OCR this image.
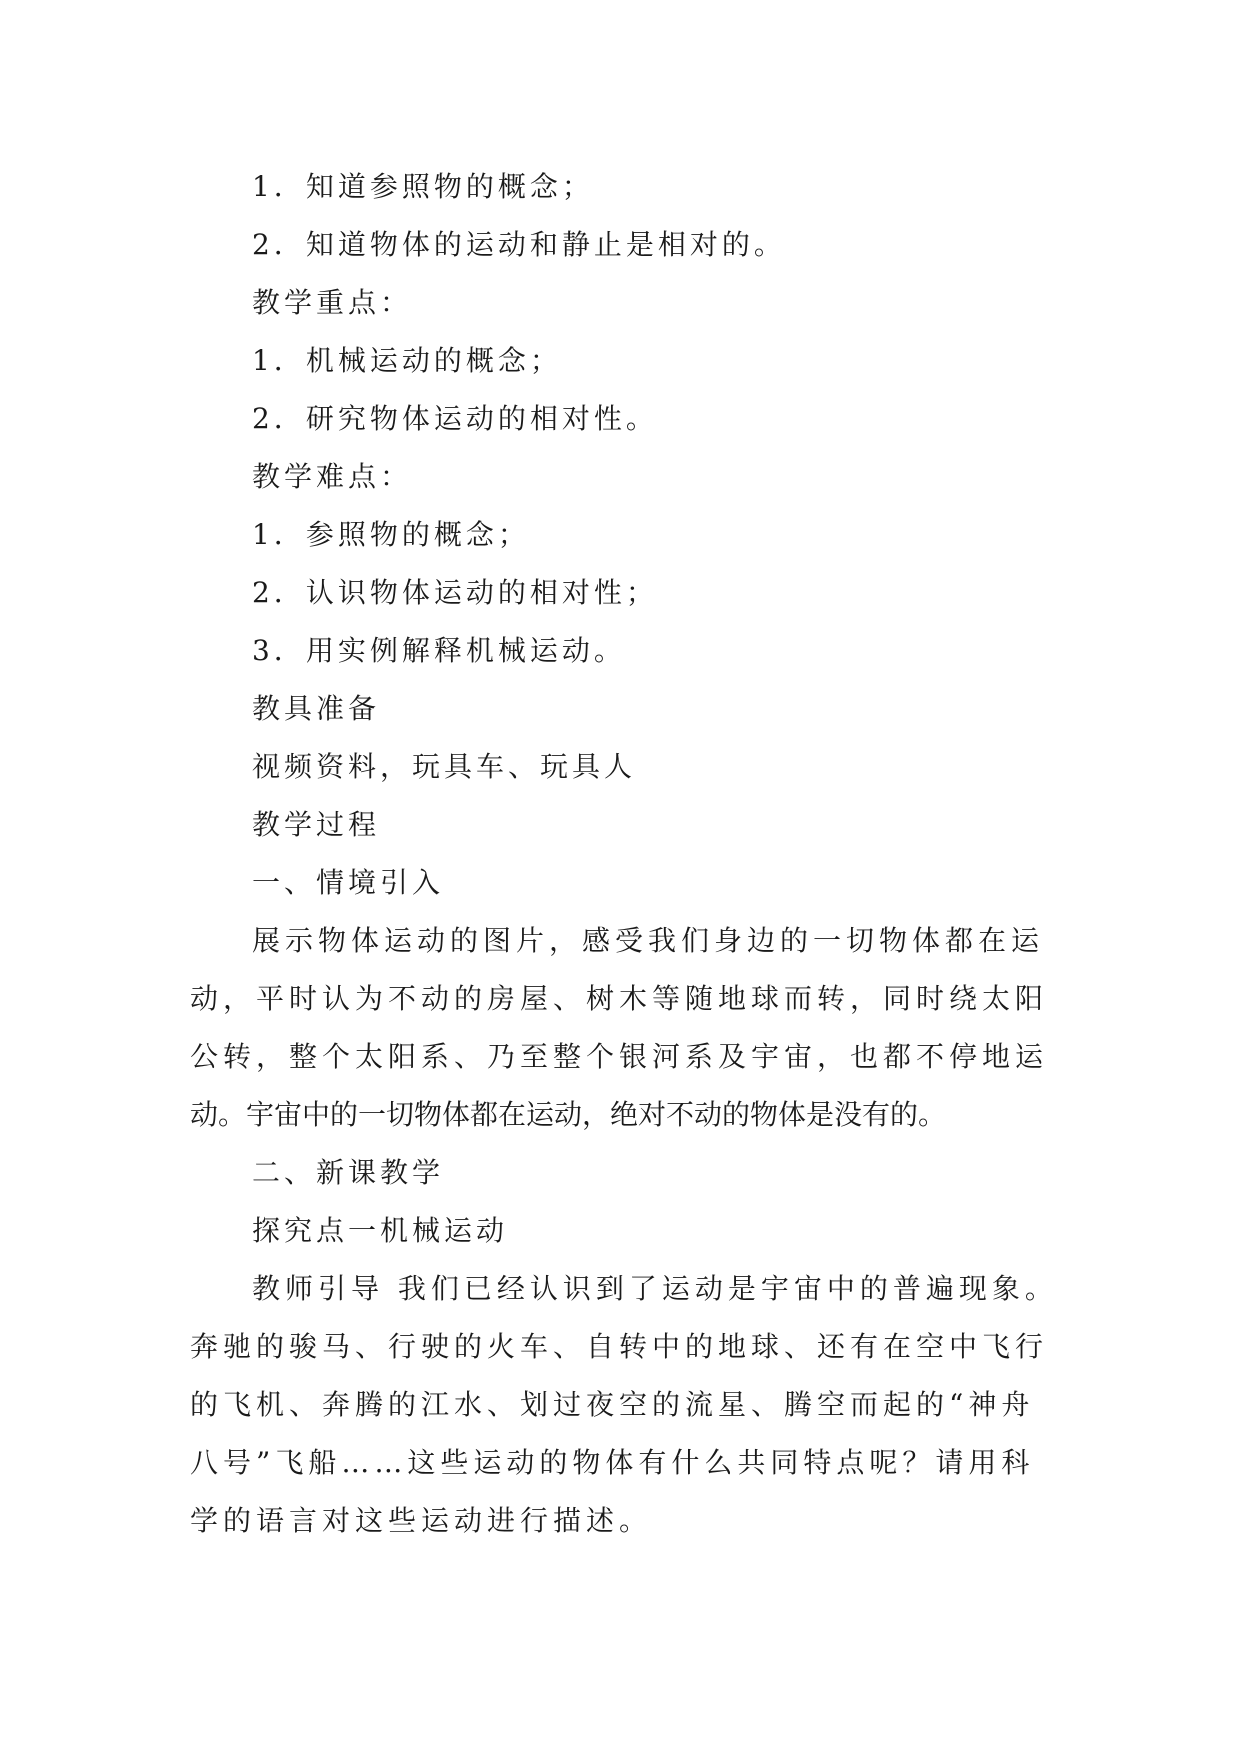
1．知道参照物的概念；

2．知道物体的运动和静止是相对的。

教学重点：

1．机械运动的概念；

2．研究物体运动的相对性。

教学难点：

1．参照物的概念；

2．认识物体运动的相对性；

3．用实例解释机械运动。

教具准备

视频资料，玩具车、玩具人

教学过程

一、情境引入

展示物体运动的图片，感受我们身边的一切物体都在运动，平时认为不动的房屋、树木等随地球而转，同时绕太阳公转，整个太阳系、乃至整个银河系及宇宙，也都不停地运

动。宇宙中的一切物体都在运动，绝对不动的物体是没有的。

二、新课教学

探究点一机械运动

教师引导 我们已经认识到了运动是宇宙中的普遍现象。奔驰的骏马、行驶的火车、自转中的地球、还有在空中飞行的飞机、奔腾的江水、划过夜空的流星、腾空而起的“神舟八号”飞船……这些运动的物体有什么共同特点呢？请用科学的语言对这些运动进行描述。
